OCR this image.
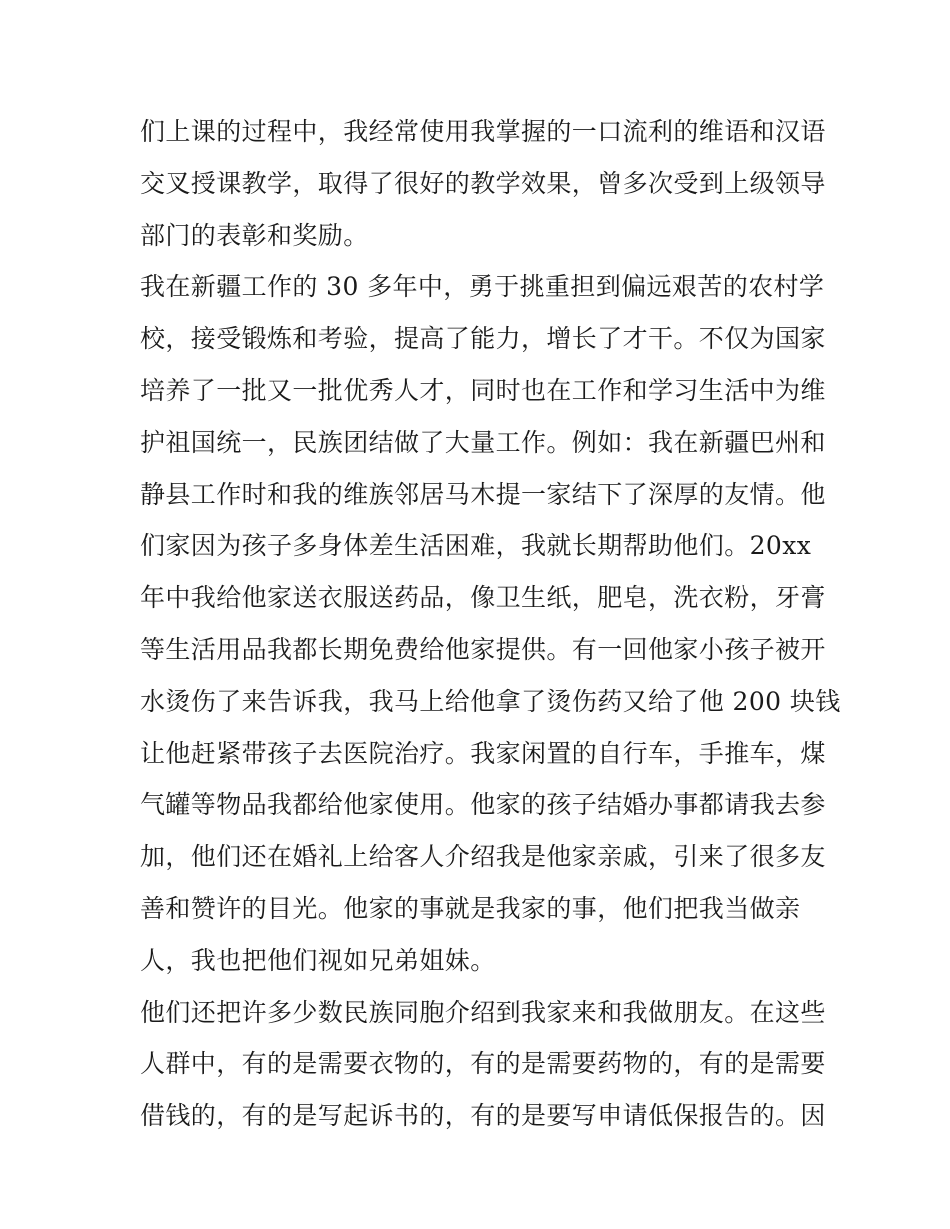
们上课的过程中，我经常使用我掌握的一口流利的维语和汉语
交叉授课教学，取得了很好的教学效果，曾多次受到上级领导
部门的表彰和奖励。
我在新疆工作的 30 多年中，勇于挑重担到偏远艰苦的农村学
校，接受锻炼和考验，提高了能力，增长了才干。不仅为国家
培养了一批又一批优秀人才，同时也在工作和学习生活中为维
护祖国统一，民族团结做了大量工作。例如：我在新疆巴州和
静县工作时和我的维族邻居马木提一家结下了深厚的友情。他
们家因为孩子多身体差生活困难，我就长期帮助他们。20xx
年中我给他家送衣服送药品，像卫生纸，肥皂，洗衣粉，牙膏
等生活用品我都长期免费给他家提供。有一回他家小孩子被开
水烫伤了来告诉我，我马上给他拿了烫伤药又给了他 200 块钱
让他赶紧带孩子去医院治疗。我家闲置的自行车，手推车，煤
气罐等物品我都给他家使用。他家的孩子结婚办事都请我去参
加，他们还在婚礼上给客人介绍我是他家亲戚，引来了很多友
善和赞许的目光。他家的事就是我家的事，他们把我当做亲
人，我也把他们视如兄弟姐妹。
他们还把许多少数民族同胞介绍到我家来和我做朋友。在这些
人群中，有的是需要衣物的，有的是需要药物的，有的是需要
借钱的，有的是写起诉书的，有的是要写申请低保报告的。因
